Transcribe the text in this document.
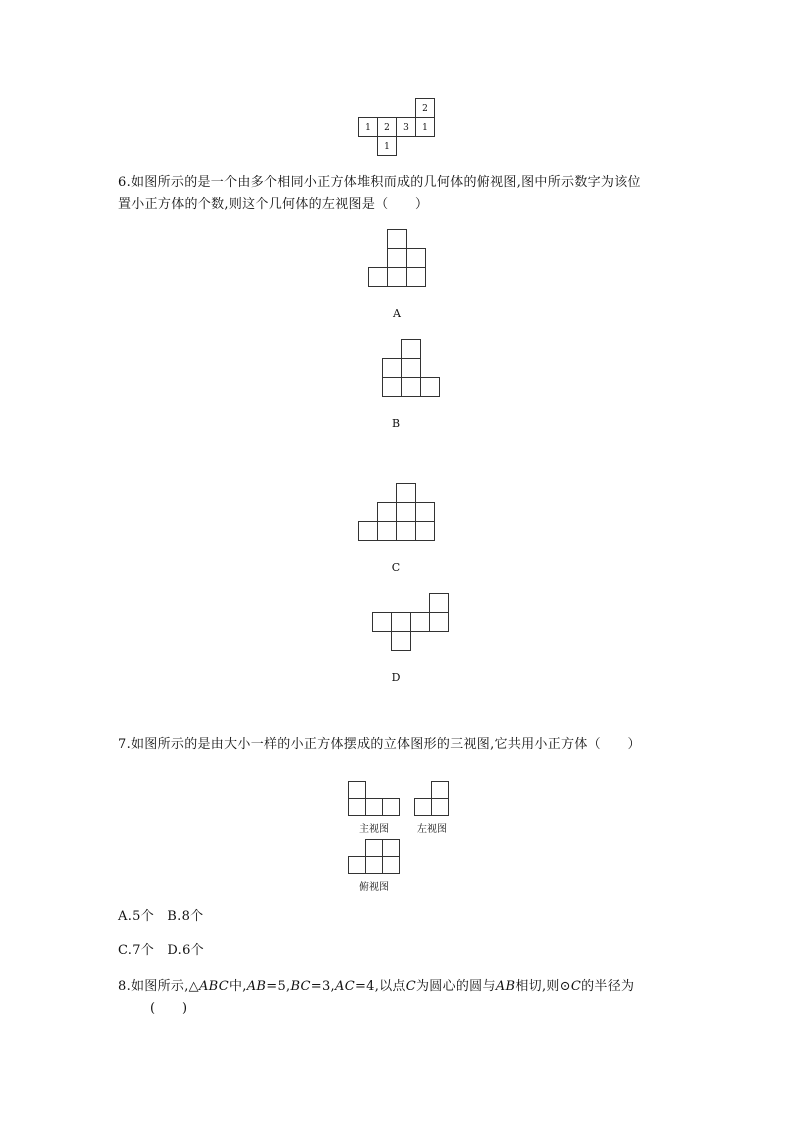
2
1 2 3 1
1
6.如图所示的是一个由多个相同小正方体堆积而成的几何体的俯视图,图中所示数字为该位
置小正方体的个数,则这个几何体的左视图是（　　）
A
B
C
D
7.如图所示的是由大小一样的小正方体摆成的立体图形的三视图,它共用小正方体（　　）
主视图	左视图
俯视图
A.5个　B.8个
C.7个　D.6个
8.如图所示,△ABC中,AB=5,BC=3,AC=4,以点C为圆心的圆与AB相切,则⊙C的半径为
(　　)
